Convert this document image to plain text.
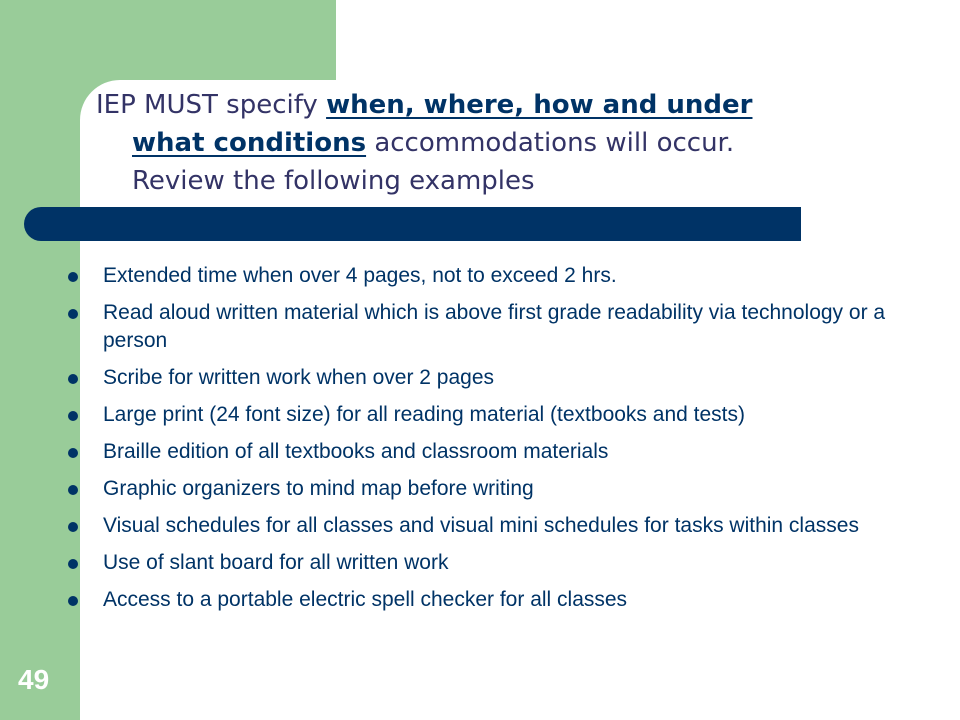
IEP MUST specify when, where, how and under
what conditions accommodations will occur.
Review the following examples
Extended time when over 4 pages, not to exceed 2 hrs.
Read aloud written material which is above first grade readability via technology or a person
Scribe for written work when over 2 pages
Large print (24 font size) for all reading material (textbooks and tests)
Braille edition of all textbooks and classroom materials
Graphic organizers to mind map before writing
Visual schedules for all classes and visual mini schedules for tasks within classes
Use of slant board for all written work
Access to a portable electric spell checker for all classes
49
